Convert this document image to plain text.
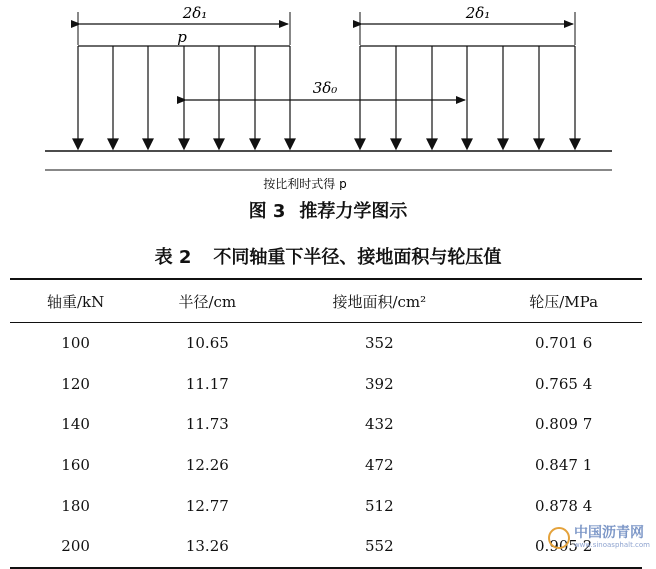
2δ₁
p
2δ₁
3δ₀
按比利时式得 p
图 3 推荐力学图示
表 2 不同轴重下半径、接地面积与轮压值
轴重/kN	半径/cm	接地面积/cm²	轮压/MPa
100	10.65	352	0.701 6
120	11.17	392	0.765 4
140	11.73	432	0.809 7
160	12.26	472	0.847 1
180	12.77	512	0.878 4
200	13.26	552	0.905 2
中国沥青网
www.sinoasphalt.com
